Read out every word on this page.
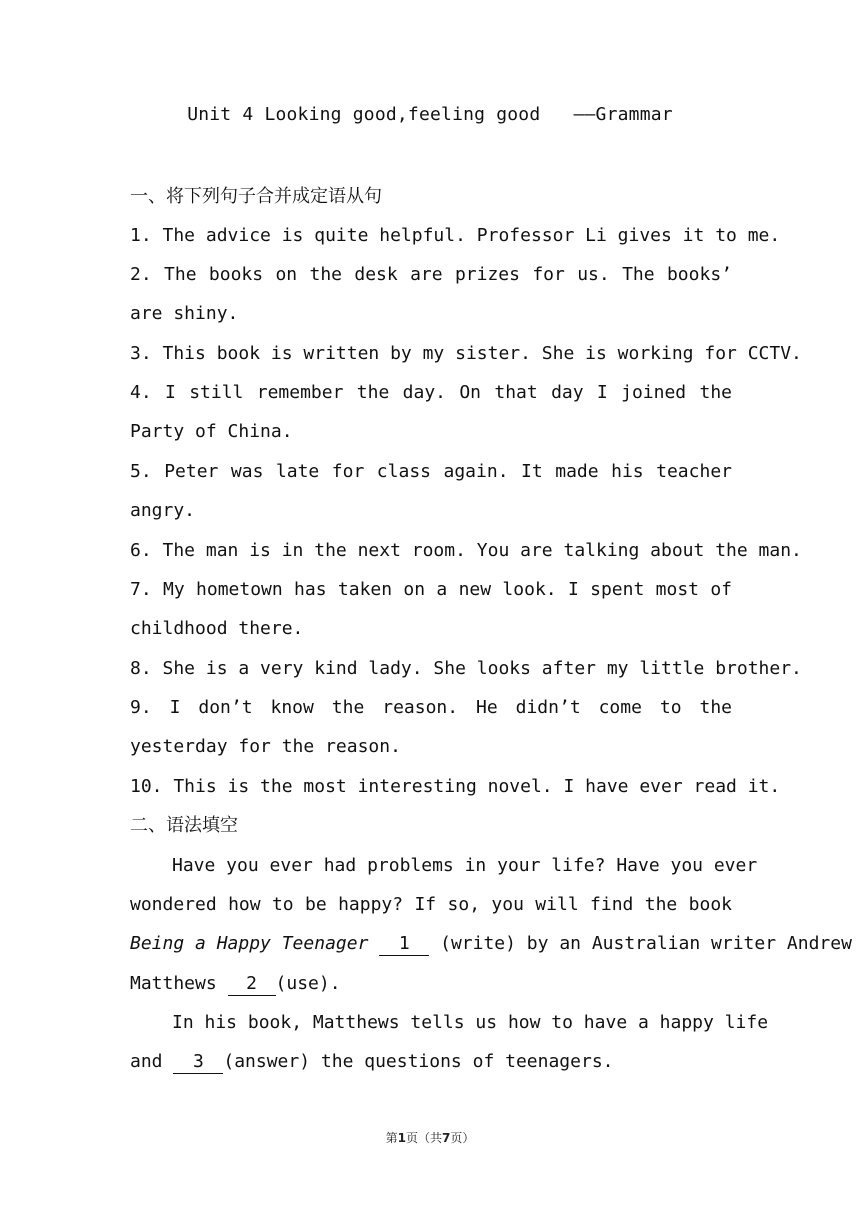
Unit 4 Looking good,feeling good   ——Grammar
一、将下列句子合并成定语从句
1. The advice is quite helpful. Professor Li gives it to me.
2. The books on the desk are prizes for us. The books’
are shiny.
3. This book is written by my sister. She is working for CCTV.
4. I still remember the day. On that day I joined the
Party of China.
5. Peter was late for class again. It made his teacher
angry.
6. The man is in the next room. You are talking about the man.
7. My hometown has taken on a new look. I spent most of
childhood there.
8. She is a very kind lady. She looks after my little brother.
9. I don’t know the reason. He didn’t come to the
yesterday for the reason.
10. This is the most interesting novel. I have ever read it.
二、语法填空
Have you ever had problems in your life? Have you ever
wondered how to be happy? If so, you will find the book
Being a Happy Teenager 1 (write) by an Australian writer Andrew
Matthews 2 (use).
In his book, Matthews tells us how to have a happy life
and 3 (answer) the questions of teenagers.
第1页（共7页）
